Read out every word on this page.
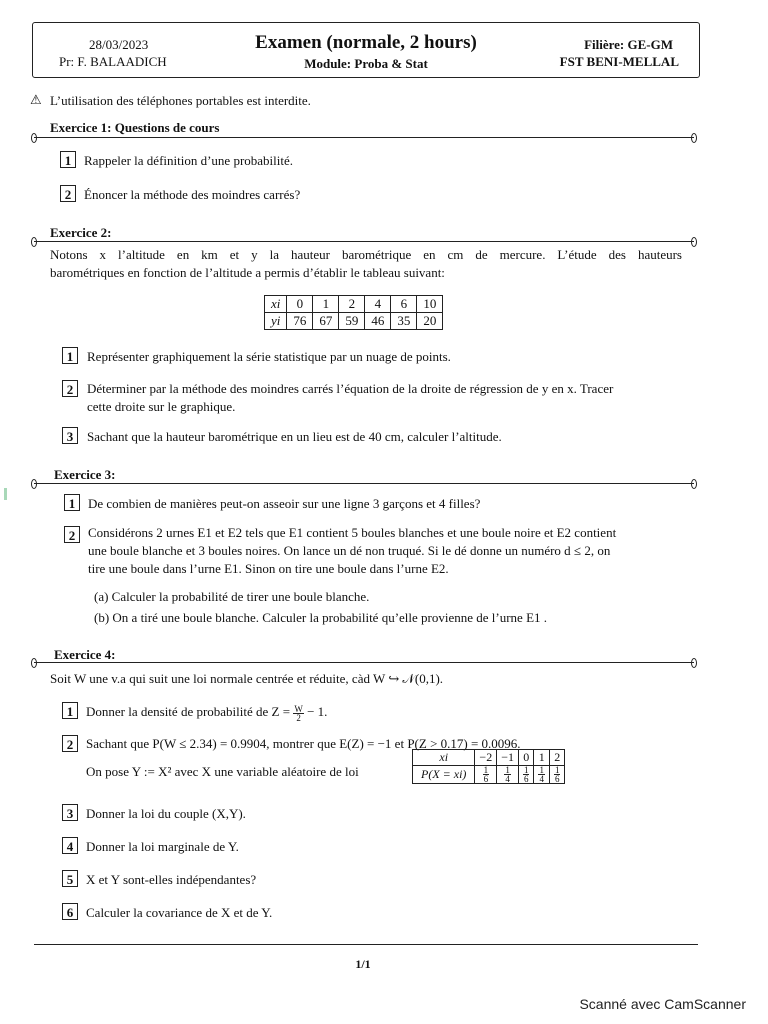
28/03/2023
Pr: F. BALAADICH
Examen (normale, 2 hours)
Module: Proba & Stat
Filière: GE-GM
FST BENI-MELLAL
⚠ L’utilisation des téléphones portables est interdite.
Exercice 1: Questions de cours
1 Rappeler la définition d’une probabilité.
2 Énoncer la méthode des moindres carrés?
Exercice 2:
Notons x l’altitude en km et y la hauteur barométrique en cm de mercure. L’étude des hauteurs
barométriques en fonction de l’altitude a permis d’établir le tableau suivant:
xi	0	1	2	4	6	10
yi	76	67	59	46	35	20
1	Représenter graphiquement la série statistique par un nuage de points.
2	Déterminer par la méthode des moindres carrés l’équation de la droite de régression de y en x. Tracer
cette droite sur le graphique.
3	Sachant que la hauteur barométrique en un lieu est de 40 cm, calculer l’altitude.
Exercice 3:
1 De combien de manières peut-on asseoir sur une ligne 3 garçons et 4 filles?
2 Considérons 2 urnes E1 et E2 tels que E1 contient 5 boules blanches et une boule noire et E2 contient
une boule blanche et 3 boules noires. On lance un dé non truqué. Si le dé donne un numéro d ≤ 2, on
tire une boule dans l’urne E1. Sinon on tire une boule dans l’urne E2.
(a) Calculer la probabilité de tirer une boule blanche.
(b) On a tiré une boule blanche. Calculer la probabilité qu’elle provienne de l’urne E1 .
Exercice 4:
Soit W une v.a qui suit une loi normale centrée et réduite, càd W ↪ 𝒩(0,1).
1 Donner la densité de probabilité de $Z = \frac{W}{2} - 1$.
2 Sachant que P(W ≤ 2.34) = 0.9904, montrer que E(Z) = −1 et P(Z > 0.17) = 0.0096.
On pose Y := X² avec X une variable aléatoire de loi
xi	−2	−1	0	1	2
P(X = xi)	$\frac{1}{6}$	$\frac{1}{4}$	$\frac{1}{6}$	$\frac{1}{4}$	$\frac{1}{6}$
3 Donner la loi du couple (X,Y).
4 Donner la loi marginale de Y.
5 X et Y sont-elles indépendantes?
6 Calculer la covariance de X et de Y.
1/1
Scanné avec CamScanner
